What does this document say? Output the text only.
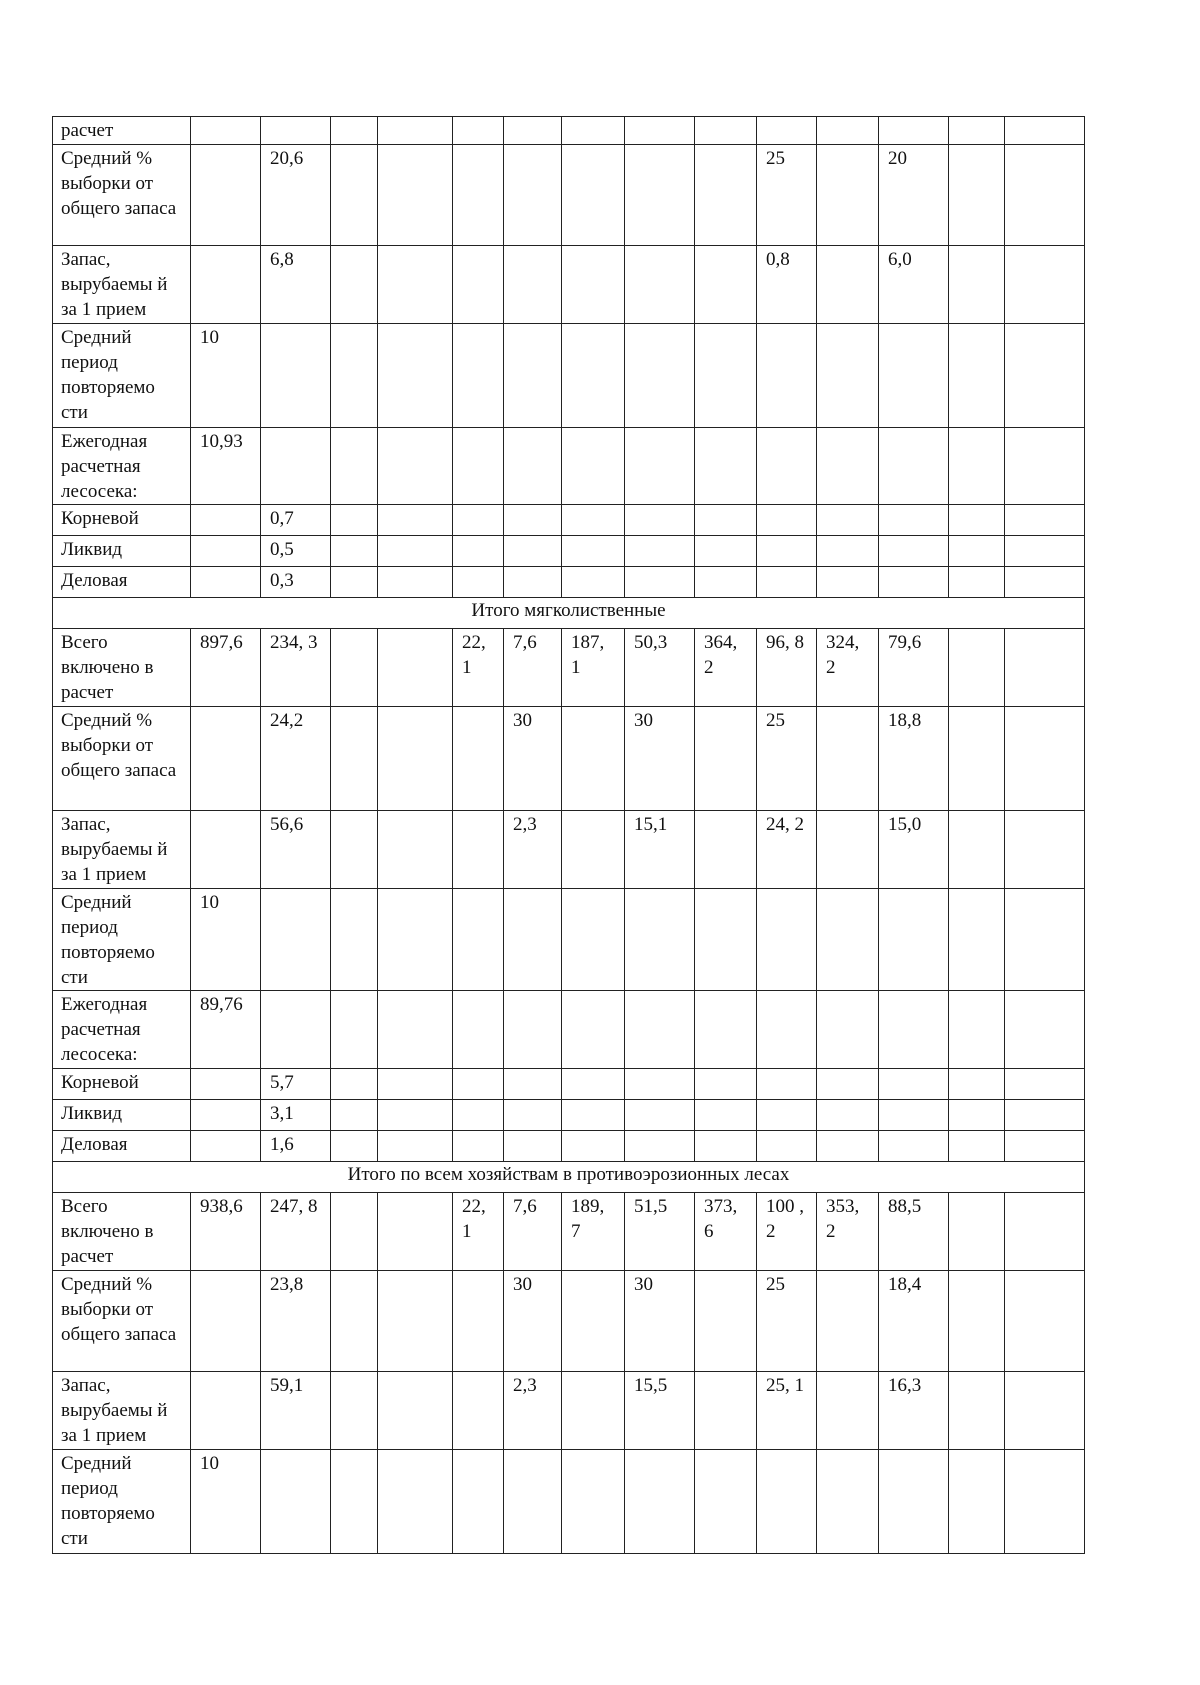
расчет														
Средний % выборки от общего запаса		20,6								25		20		
Запас, вырубаемы й за 1 прием		6,8								0,8		6,0		
Средний период повторяемо сти	10													
Ежегодная расчетная лесосека:	10,93													
Корневой		0,7												
Ликвид		0,5												
Деловая		0,3												
Итого мягколиственные														
Всего включено в расчет	897,6	234, 3			22, 1	7,6	187, 1	50,3	364, 2	96, 8	324, 2	79,6		
Средний % выборки от общего запаса		24,2				30		30		25		18,8		
Запас, вырубаемы й за 1 прием		56,6				2,3		15,1		24, 2		15,0		
Средний период повторяемо сти	10													
Ежегодная расчетная лесосека:	89,76													
Корневой		5,7												
Ликвид		3,1												
Деловая		1,6												
Итого по всем хозяйствам в противоэрозионных лесах														
Всего включено в расчет	938,6	247, 8			22, 1	7,6	189, 7	51,5	373, 6	100 ,2	353, 2	88,5		
Средний % выборки от общего запаса		23,8				30		30		25		18,4		
Запас, вырубаемы й за 1 прием		59,1				2,3		15,5		25, 1		16,3		
Средний период повторяемо сти	10													
